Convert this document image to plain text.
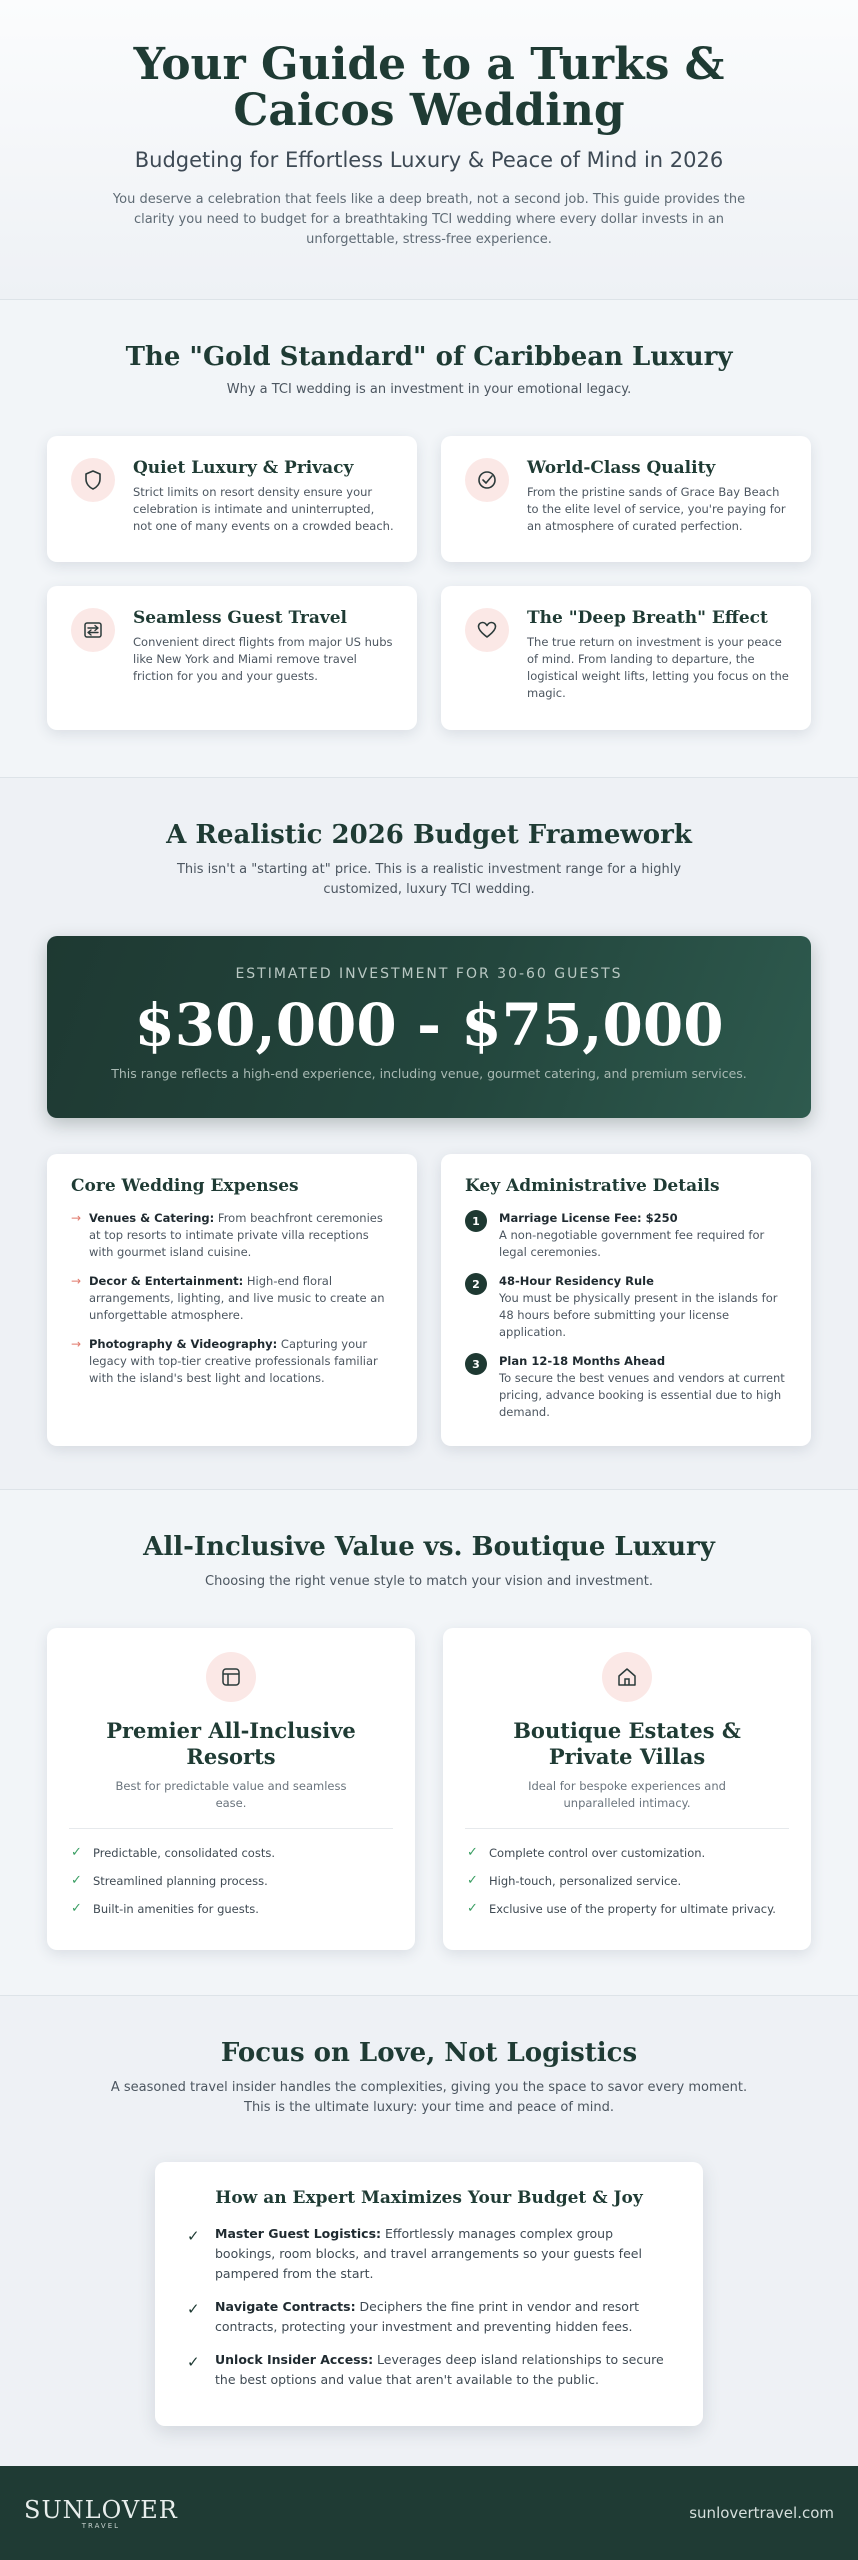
Your Guide to a Turks & Caicos Wedding
Budgeting for Effortless Luxury & Peace of Mind in 2026

You deserve a celebration that feels like a deep breath, not a second job. This guide provides the clarity you need to budget for a breathtaking TCI wedding where every dollar invests in an unforgettable, stress-free experience.

The "Gold Standard" of Caribbean Luxury

Why a TCI wedding is an investment in your emotional legacy.

Quiet Luxury & Privacy

Strict limits on resort density ensure your celebration is intimate and uninterrupted, not one of many events on a crowded beach.

World-Class Quality

From the pristine sands of Grace Bay Beach to the elite level of service, you're paying for an atmosphere of curated perfection.

Seamless Guest Travel

Convenient direct flights from major US hubs like New York and Miami remove travel friction for you and your guests.

The "Deep Breath" Effect

The true return on investment is your peace of mind. From landing to departure, the logistical weight lifts, letting you focus on the magic.

A Realistic 2026 Budget Framework

This isn't a "starting at" price. This is a realistic investment range for a highly customized, luxury TCI wedding.

ESTIMATED INVESTMENT FOR 30-60 GUESTS
$30,000 - $75,000
This range reflects a high-end experience, including venue, gourmet catering, and premium services.
Core Wedding Expenses
→ Venues & Catering: From beachfront ceremonies at top resorts to intimate private villa receptions with gourmet island cuisine.
→ Decor & Entertainment: High-end floral arrangements, lighting, and live music to create an unforgettable atmosphere.
→ Photography & Videography: Capturing your legacy with top-tier creative professionals familiar with the island's best light and locations.
Key Administrative Details
1	Marriage License Fee: $250
A non-negotiable government fee required for legal ceremonies.
2	48-Hour Residency Rule
You must be physically present in the islands for 48 hours before submitting your license application.
3	Plan 12-18 Months Ahead
To secure the best venues and vendors at current pricing, advance booking is essential due to high demand.
All-Inclusive Value vs. Boutique Luxury

Choosing the right venue style to match your vision and investment.

Premier All-Inclusive Resorts

Best for predictable value and seamless ease.

✓ Predictable, consolidated costs.
✓ Streamlined planning process.
✓ Built-in amenities for guests.
Boutique Estates & Private Villas

Ideal for bespoke experiences and unparalleled intimacy.

✓ Complete control over customization.
✓ High-touch, personalized service.
✓ Exclusive use of the property for ultimate privacy.
Focus on Love, Not Logistics

A seasoned travel insider handles the complexities, giving you the space to savor every moment. This is the ultimate luxury: your time and peace of mind.

How an Expert Maximizes Your Budget & Joy
✓ Master Guest Logistics: Effortlessly manages complex group bookings, room blocks, and travel arrangements so your guests feel pampered from the start.
✓ Navigate Contracts: Deciphers the fine print in vendor and resort contracts, protecting your investment and preventing hidden fees.
✓ Unlock Insider Access: Leverages deep island relationships to secure the best options and value that aren't available to the public.
SUNLOVER
TRAVEL
sunlovertravel.com
